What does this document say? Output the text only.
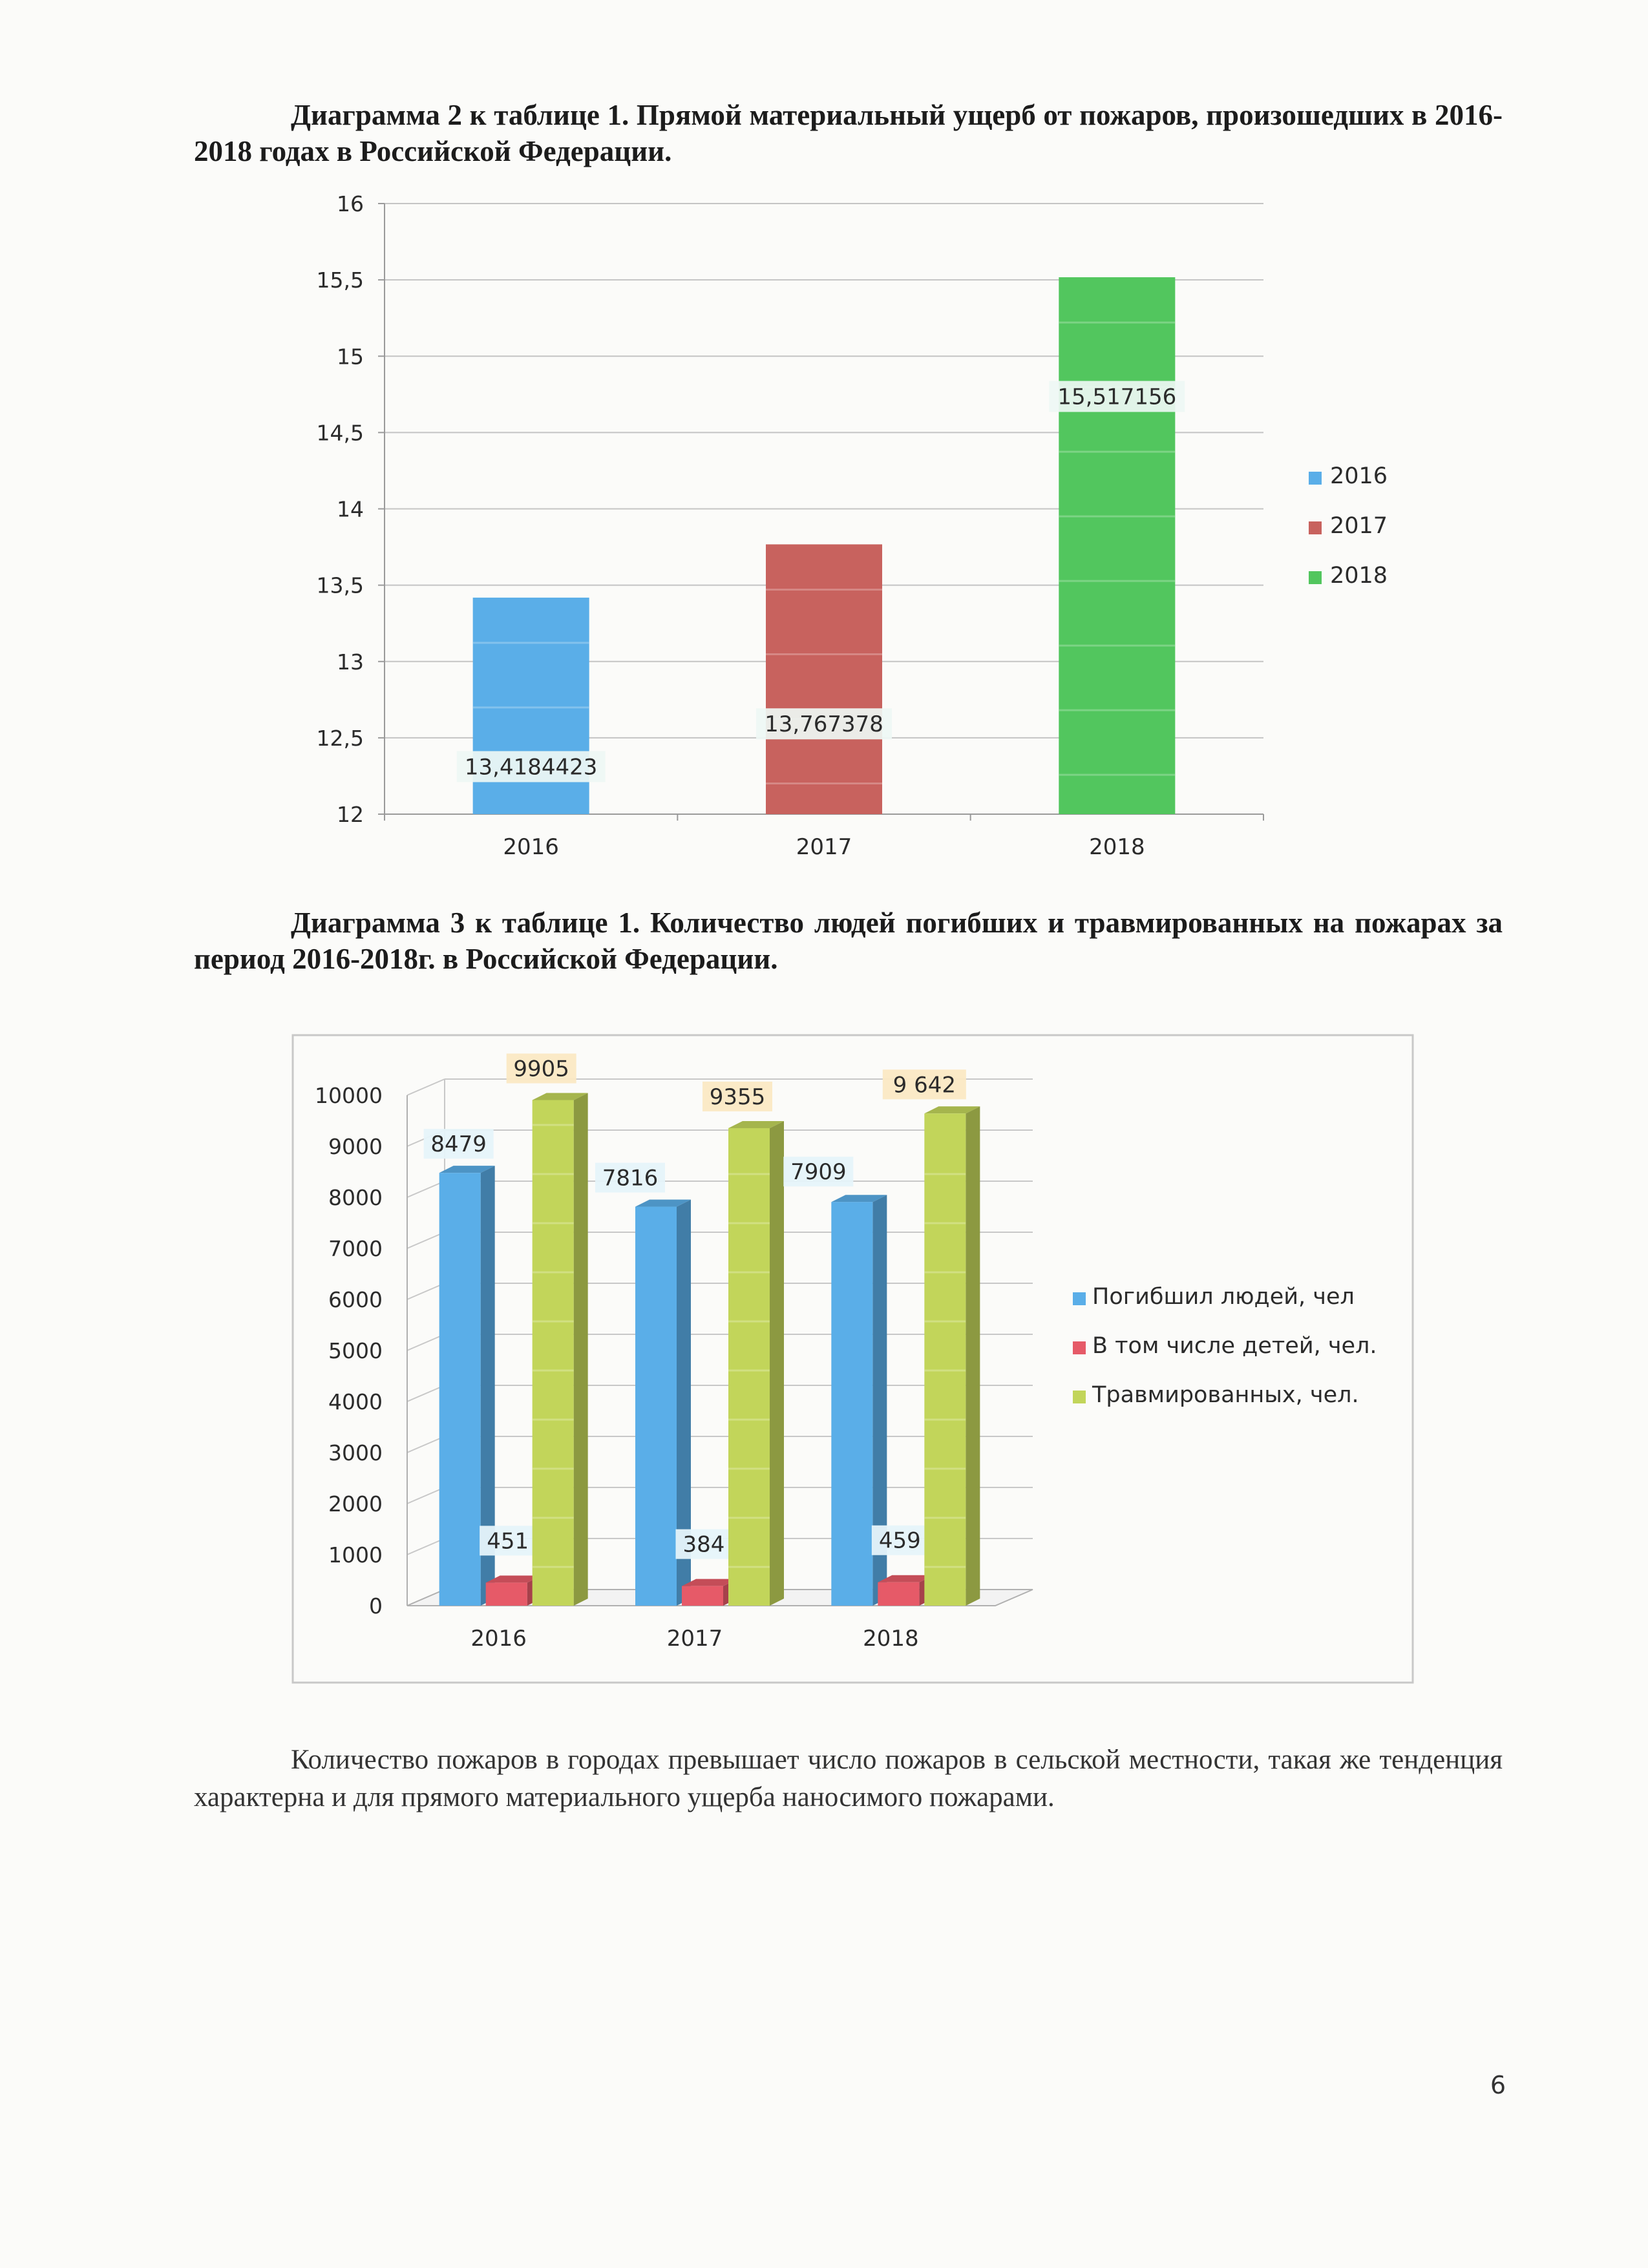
Диаграмма 2 к таблице 1. Прямой материальный ущерб от пожаров, произошедших в 2016-2018 годах в Российской Федерации.
Диаграмма 3 к таблице 1. Количество людей погибших и травмированных на пожарах за период 2016-2018г. в Российской Федерации.
12
12,5
13
13,5
14
14,5
15
15,5
16
13,4184423
2016
13,767378
2017
15,517156
2018
2016
2017
2018
0
1000
2000
3000
4000
5000
6000
7000
8000
9000
10000
8479
451
9905
2016
7816
384
9355
2017
7909
459
9 642
2018
Погибшил людей, чел
В том числе детей, чел.
Травмированных, чел.
Количество пожаров в городах превышает число пожаров в сельской местности, такая же тенденция характерна и для прямого материального ущерба наносимого пожарами.
6
